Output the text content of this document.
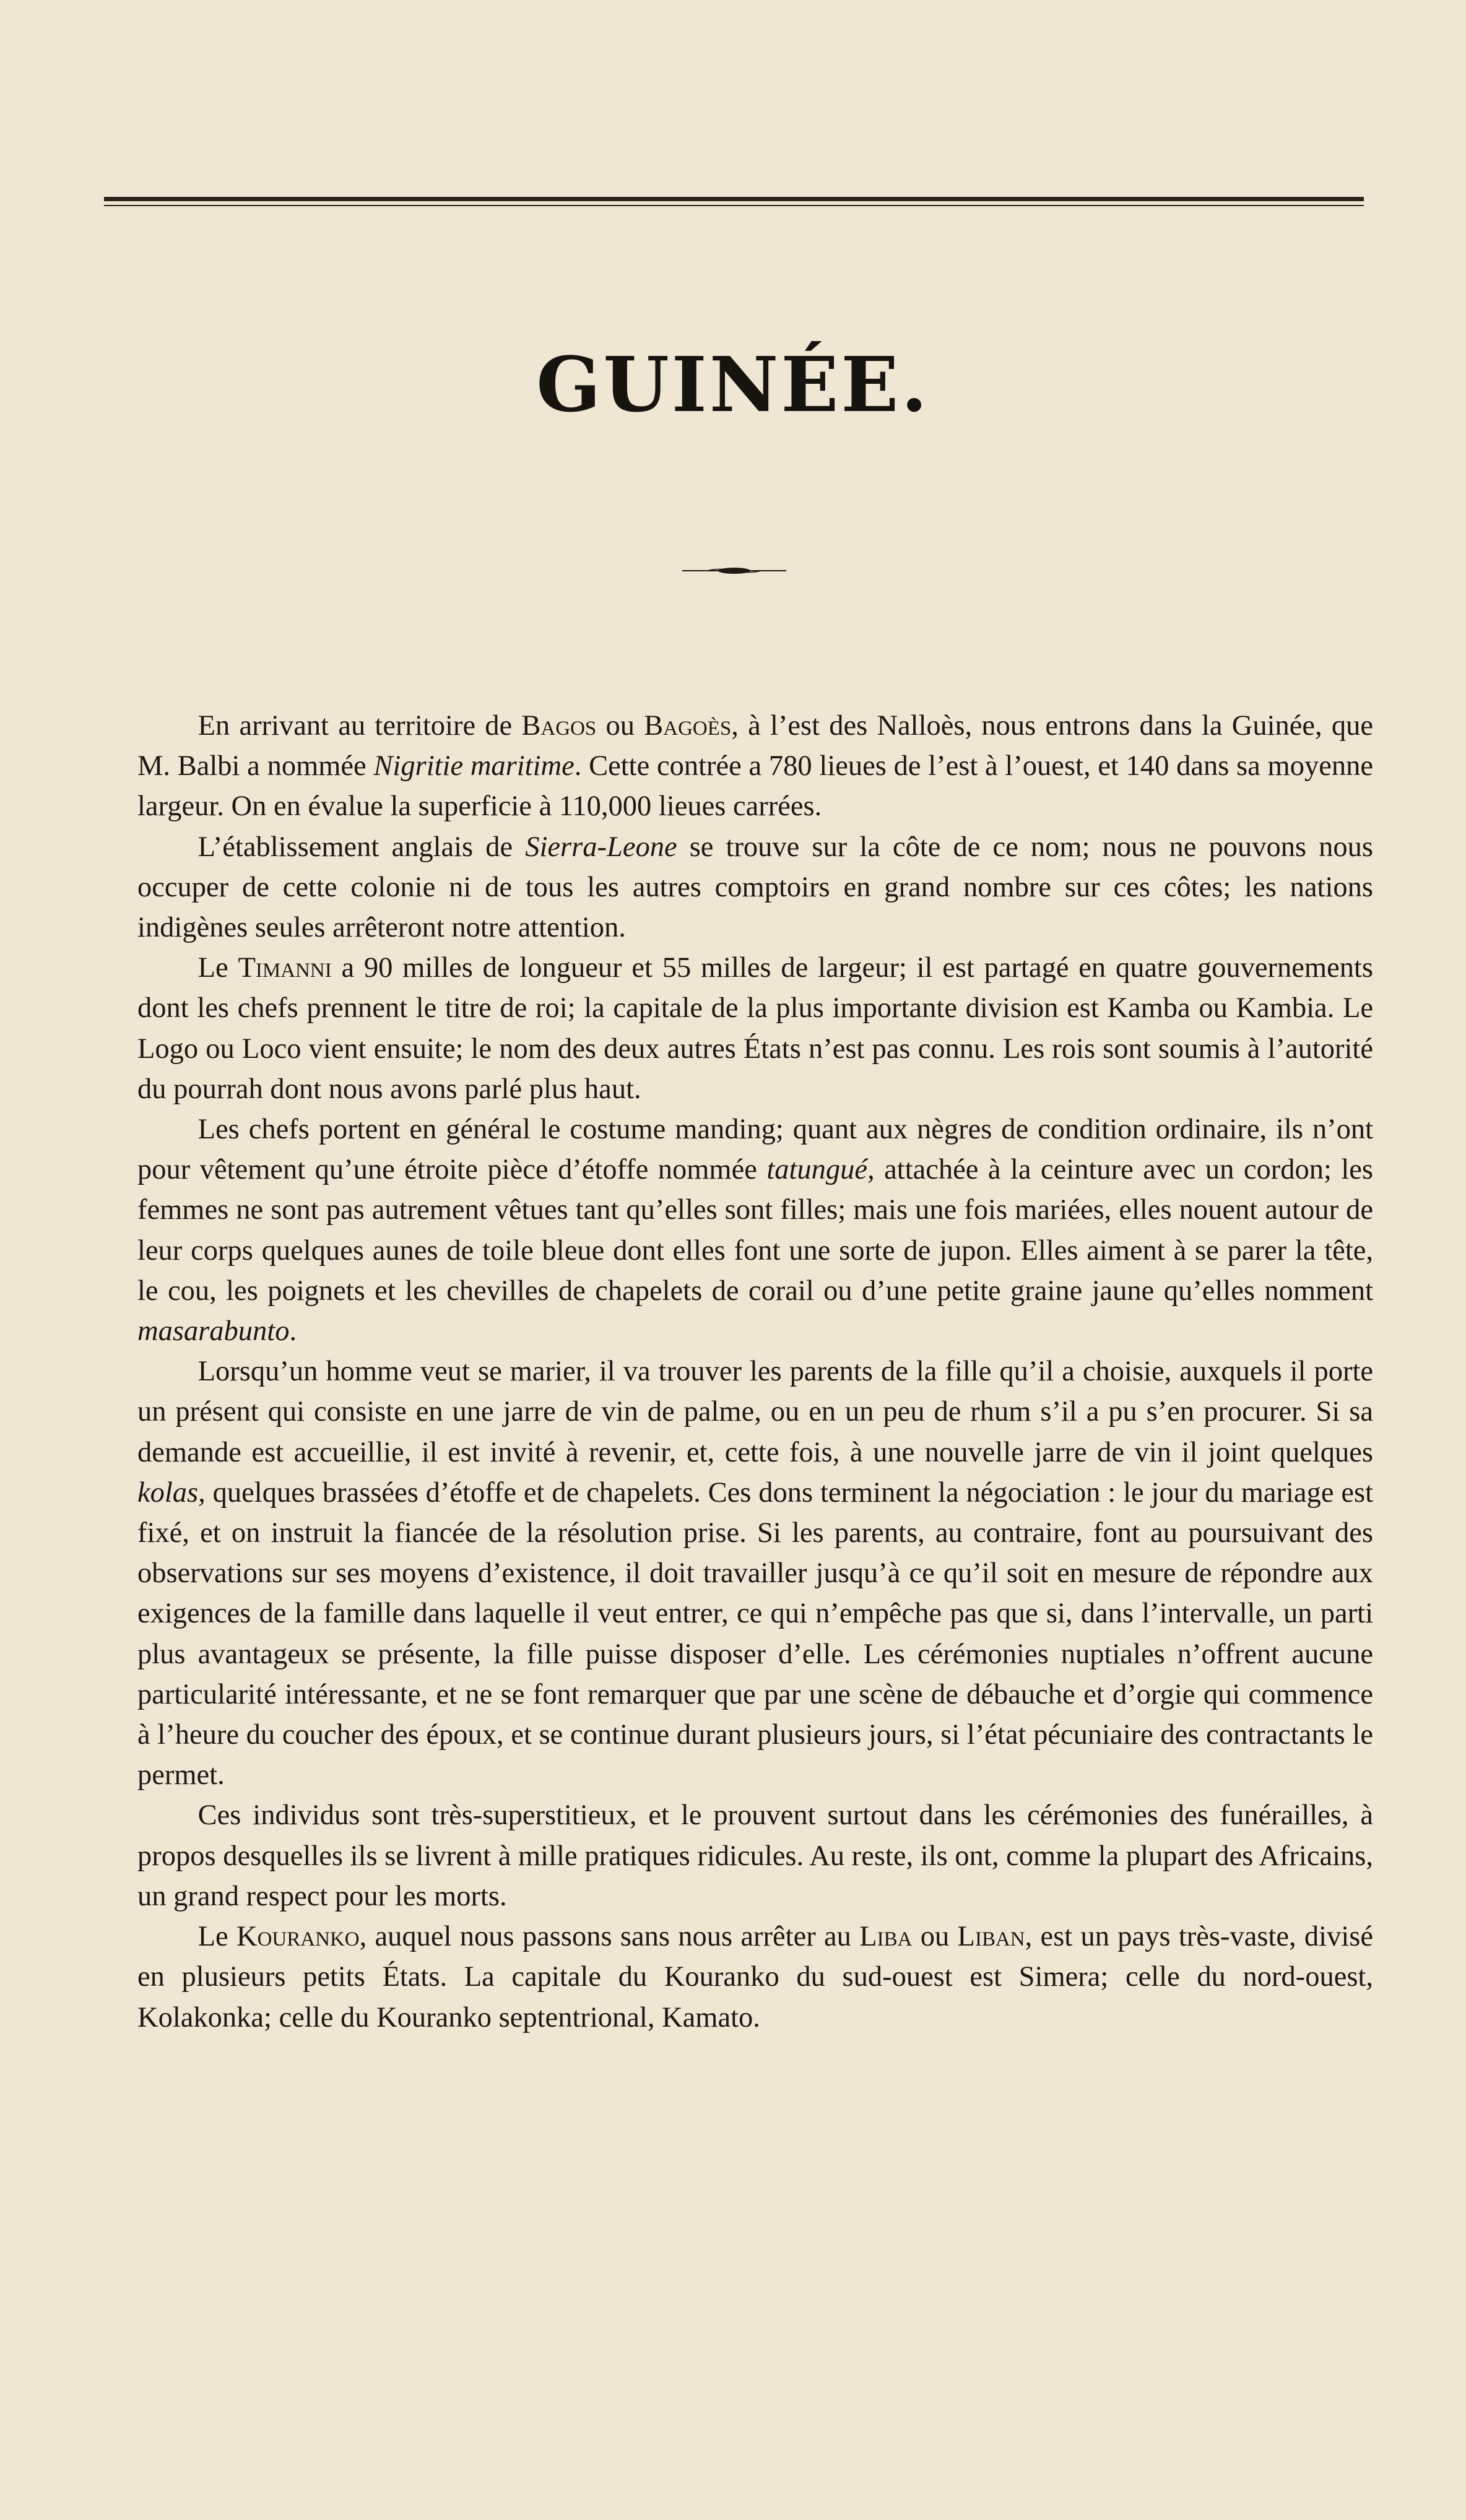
GUINÉE.

En arrivant au territoire de Bagos ou Bagoès, à l’est des Nalloès, nous entrons dans la Guinée, que M. Balbi a nommée Nigritie maritime. Cette contrée a 780 lieues de l’est à l’ouest, et 140 dans sa moyenne largeur. On en évalue la superficie à 110,000 lieues carrées.

L’établissement anglais de Sierra-Leone se trouve sur la côte de ce nom; nous ne pouvons nous occuper de cette colonie ni de tous les autres comptoirs en grand nombre sur ces côtes; les nations indigènes seules arrêteront notre attention.

Le Timanni a 90 milles de longueur et 55 milles de largeur; il est partagé en quatre gouvernements dont les chefs prennent le titre de roi; la capitale de la plus importante division est Kamba ou Kambia. Le Logo ou Loco vient ensuite; le nom des deux autres États n’est pas connu. Les rois sont soumis à l’autorité du pourrah dont nous avons parlé plus haut.

Les chefs portent en général le costume manding; quant aux nègres de condition ordinaire, ils n’ont pour vêtement qu’une étroite pièce d’étoffe nommée tatungué, attachée à la ceinture avec un cordon; les femmes ne sont pas autrement vêtues tant qu’elles sont filles; mais une fois mariées, elles nouent autour de leur corps quelques aunes de toile bleue dont elles font une sorte de jupon. Elles aiment à se parer la tête, le cou, les poignets et les chevilles de chapelets de corail ou d’une petite graine jaune qu’elles nomment masarabunto.

Lorsqu’un homme veut se marier, il va trouver les parents de la fille qu’il a choisie, auxquels il porte un présent qui consiste en une jarre de vin de palme, ou en un peu de rhum s’il a pu s’en procurer. Si sa demande est accueillie, il est invité à revenir, et, cette fois, à une nouvelle jarre de vin il joint quelques kolas, quelques brassées d’étoffe et de chapelets. Ces dons terminent la négociation : le jour du mariage est fixé, et on instruit la fiancée de la résolution prise. Si les parents, au contraire, font au poursuivant des observations sur ses moyens d’existence, il doit travailler jusqu’à ce qu’il soit en mesure de répondre aux exigences de la famille dans laquelle il veut entrer, ce qui n’empêche pas que si, dans l’intervalle, un parti plus avantageux se présente, la fille puisse disposer d’elle. Les cérémonies nuptiales n’offrent aucune particularité intéressante, et ne se font remarquer que par une scène de débauche et d’orgie qui commence à l’heure du coucher des époux, et se continue durant plusieurs jours, si l’état pécuniaire des contractants le permet.

Ces individus sont très-superstitieux, et le prouvent surtout dans les cérémonies des funérailles, à propos desquelles ils se livrent à mille pratiques ridicules. Au reste, ils ont, comme la plupart des Africains, un grand respect pour les morts.

Le Kouranko, auquel nous passons sans nous arrêter au Liba ou Liban, est un pays très-vaste, divisé en plusieurs petits États. La capitale du Kouranko du sud-ouest est Simera; celle du nord-ouest, Kolakonka; celle du Kouranko septentrional, Kamato.
